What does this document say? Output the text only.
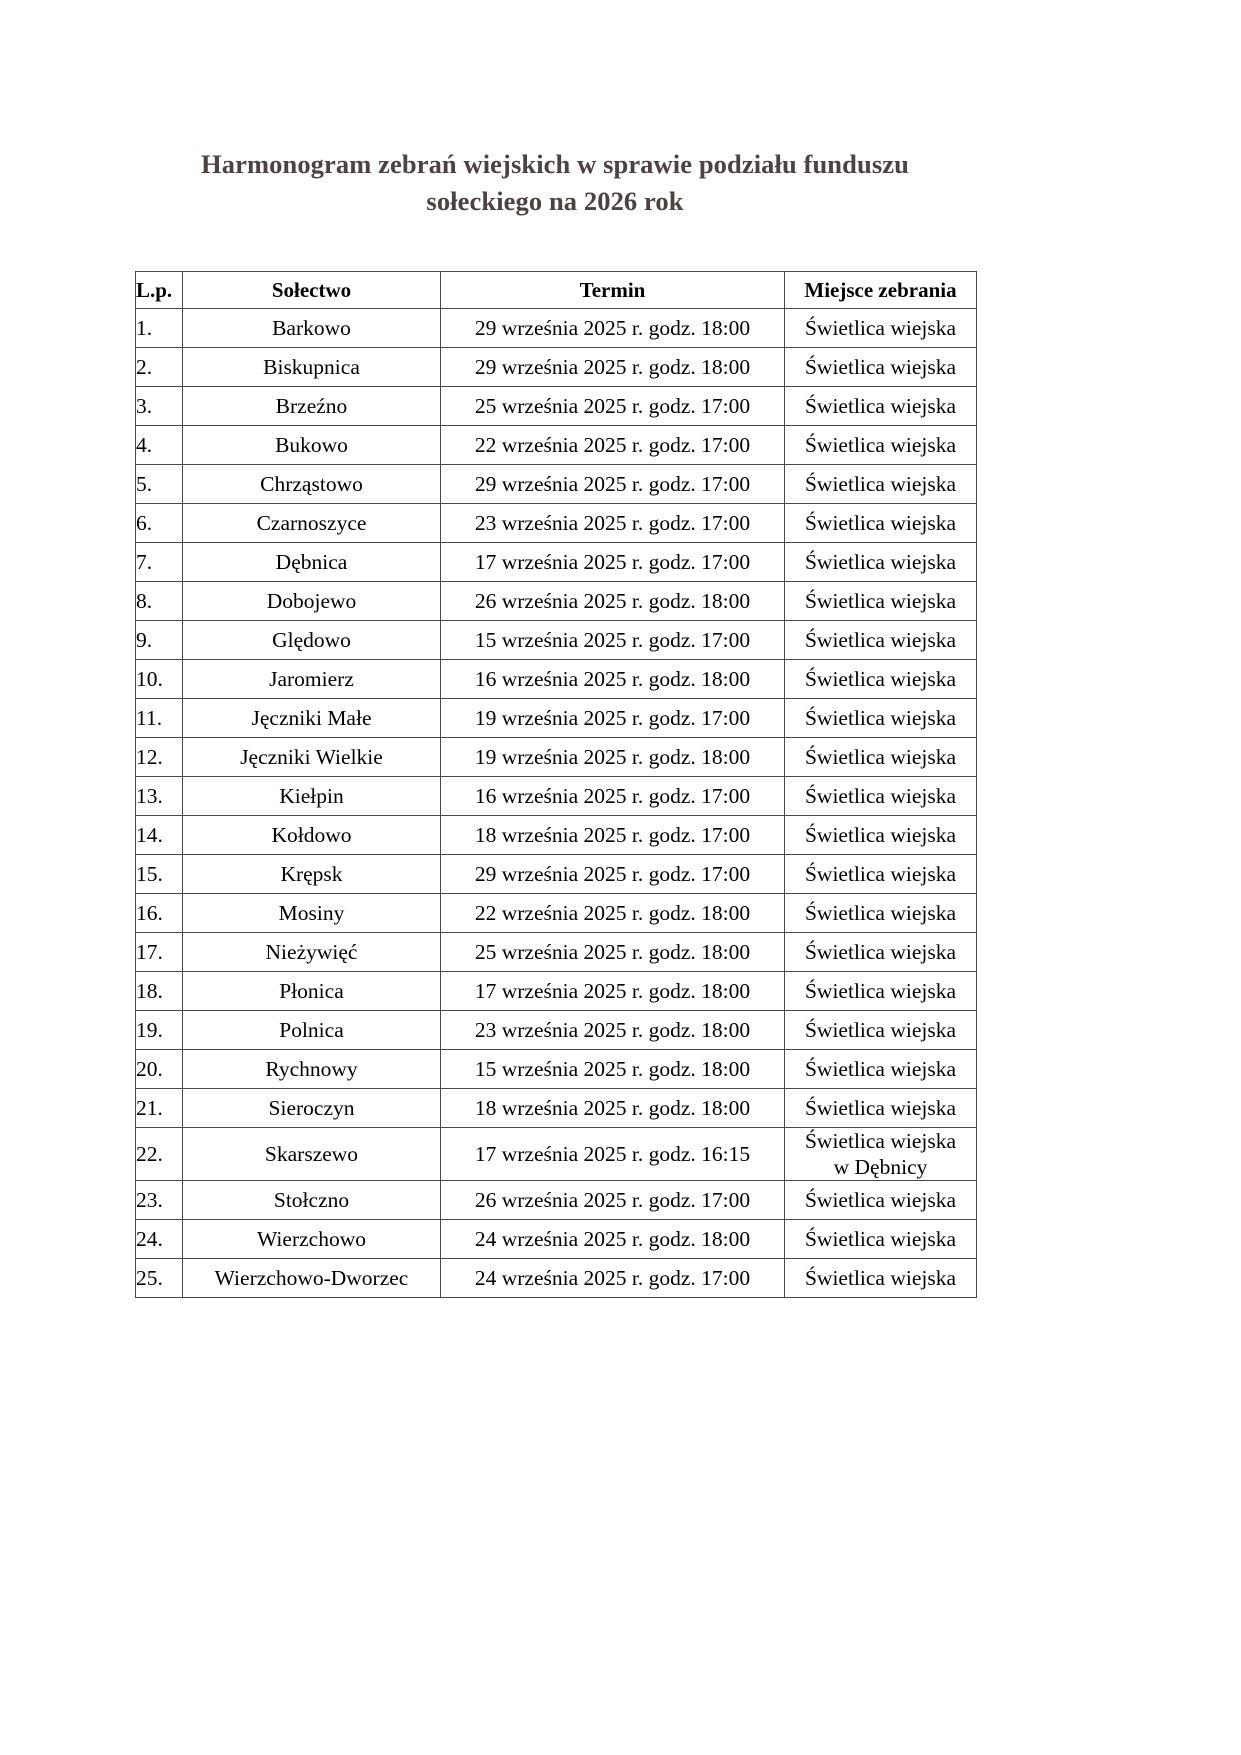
Harmonogram zebrań wiejskich w sprawie podziału funduszu
sołeckiego na 2026 rok
L.p.	Sołectwo	Termin	Miejsce zebrania
1.	Barkowo	29 września 2025 r. godz. 18:00	Świetlica wiejska
2.	Biskupnica	29 września 2025 r. godz. 18:00	Świetlica wiejska
3.	Brzeźno	25 września 2025 r. godz. 17:00	Świetlica wiejska
4.	Bukowo	22 września 2025 r. godz. 17:00	Świetlica wiejska
5.	Chrząstowo	29 września 2025 r. godz. 17:00	Świetlica wiejska
6.	Czarnoszyce	23 września 2025 r. godz. 17:00	Świetlica wiejska
7.	Dębnica	17 września 2025 r. godz. 17:00	Świetlica wiejska
8.	Dobojewo	26 września 2025 r. godz. 18:00	Świetlica wiejska
9.	Ględowo	15 września 2025 r. godz. 17:00	Świetlica wiejska
10.	Jaromierz	16 września 2025 r. godz. 18:00	Świetlica wiejska
11.	Jęczniki Małe	19 września 2025 r. godz. 17:00	Świetlica wiejska
12.	Jęczniki Wielkie	19 września 2025 r. godz. 18:00	Świetlica wiejska
13.	Kiełpin	16 września 2025 r. godz. 17:00	Świetlica wiejska
14.	Kołdowo	18 września 2025 r. godz. 17:00	Świetlica wiejska
15.	Krępsk	29 września 2025 r. godz. 17:00	Świetlica wiejska
16.	Mosiny	22 września 2025 r. godz. 18:00	Świetlica wiejska
17.	Nieżywięć	25 września 2025 r. godz. 18:00	Świetlica wiejska
18.	Płonica	17 września 2025 r. godz. 18:00	Świetlica wiejska
19.	Polnica	23 września 2025 r. godz. 18:00	Świetlica wiejska
20.	Rychnowy	15 września 2025 r. godz. 18:00	Świetlica wiejska
21.	Sieroczyn	18 września 2025 r. godz. 18:00	Świetlica wiejska
22.	Skarszewo	17 września 2025 r. godz. 16:15	Świetlica wiejska
w Dębnicy

23.	Stołczno	26 września 2025 r. godz. 17:00	Świetlica wiejska
24.	Wierzchowo	24 września 2025 r. godz. 18:00	Świetlica wiejska
25.	Wierzchowo-Dworzec	24 września 2025 r. godz. 17:00	Świetlica wiejska
